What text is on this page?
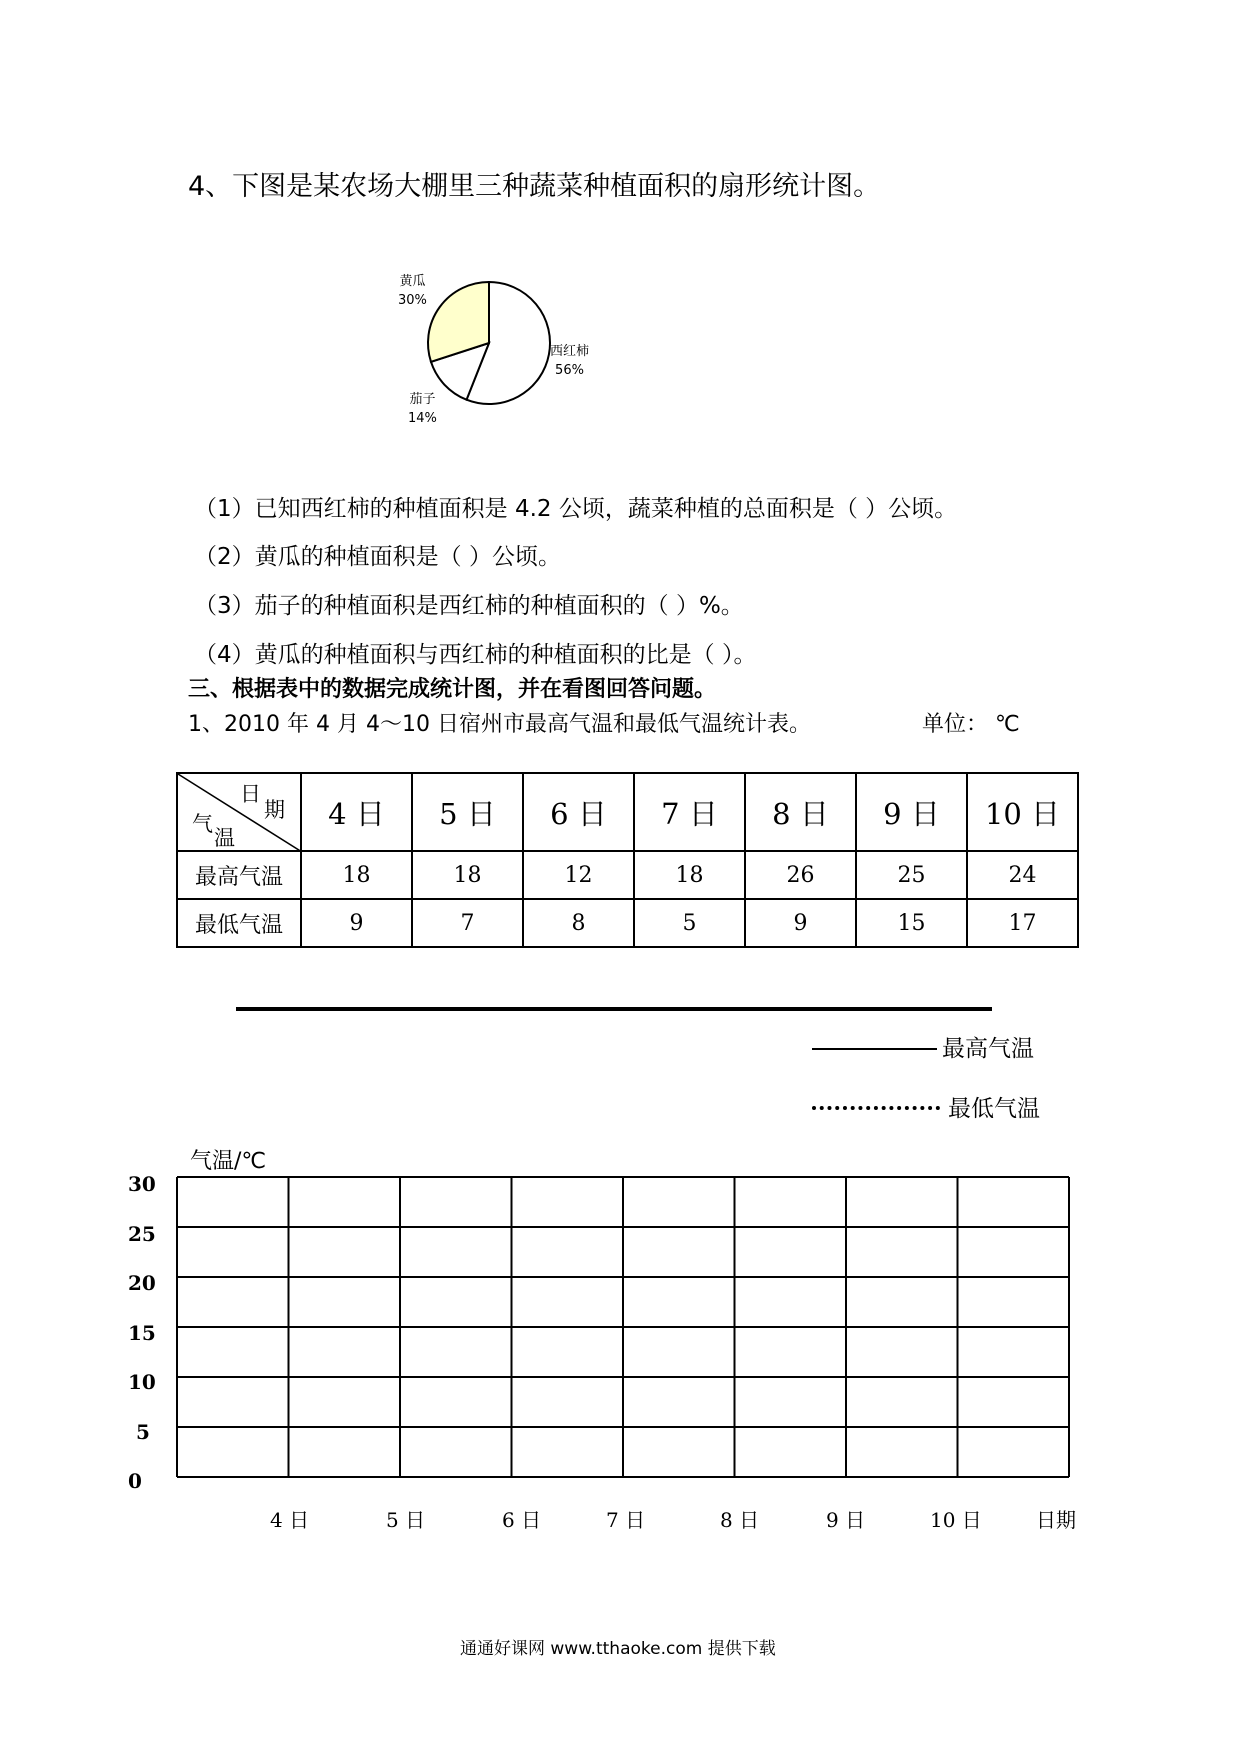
4、下图是某农场大棚里三种蔬菜种植面积的扇形统计图。
黄瓜
30%
西红柿
56%
茄子
14%
（1）已知西红柿的种植面积是 4.2 公顷，蔬菜种植的总面积是（ ）公顷。
（2）黄瓜的种植面积是（ ）公顷。
（3）茄子的种植面积是西红柿的种植面积的（ ）%。
（4）黄瓜的种植面积与西红柿的种植面积的比是（ ）。
三、根据表中的数据完成统计图，并在看图回答问题。
1、2010 年 4 月 4～10 日宿州市最高气温和最低气温统计表。	单位： ℃
日
期
气
温	4 日	5 日	6 日	7 日	8 日	9 日	10 日
最高气温	18	18	12	18	26	25	24
最低气温	9	7	8	5	9	15	17
最高气温
最低气温
气温/℃
30
25
20
15
10
5
0
4 日	5 日	6 日	7 日	8 日	9 日	10 日	日期
通通好课网 www.tthaoke.com 提供下载
